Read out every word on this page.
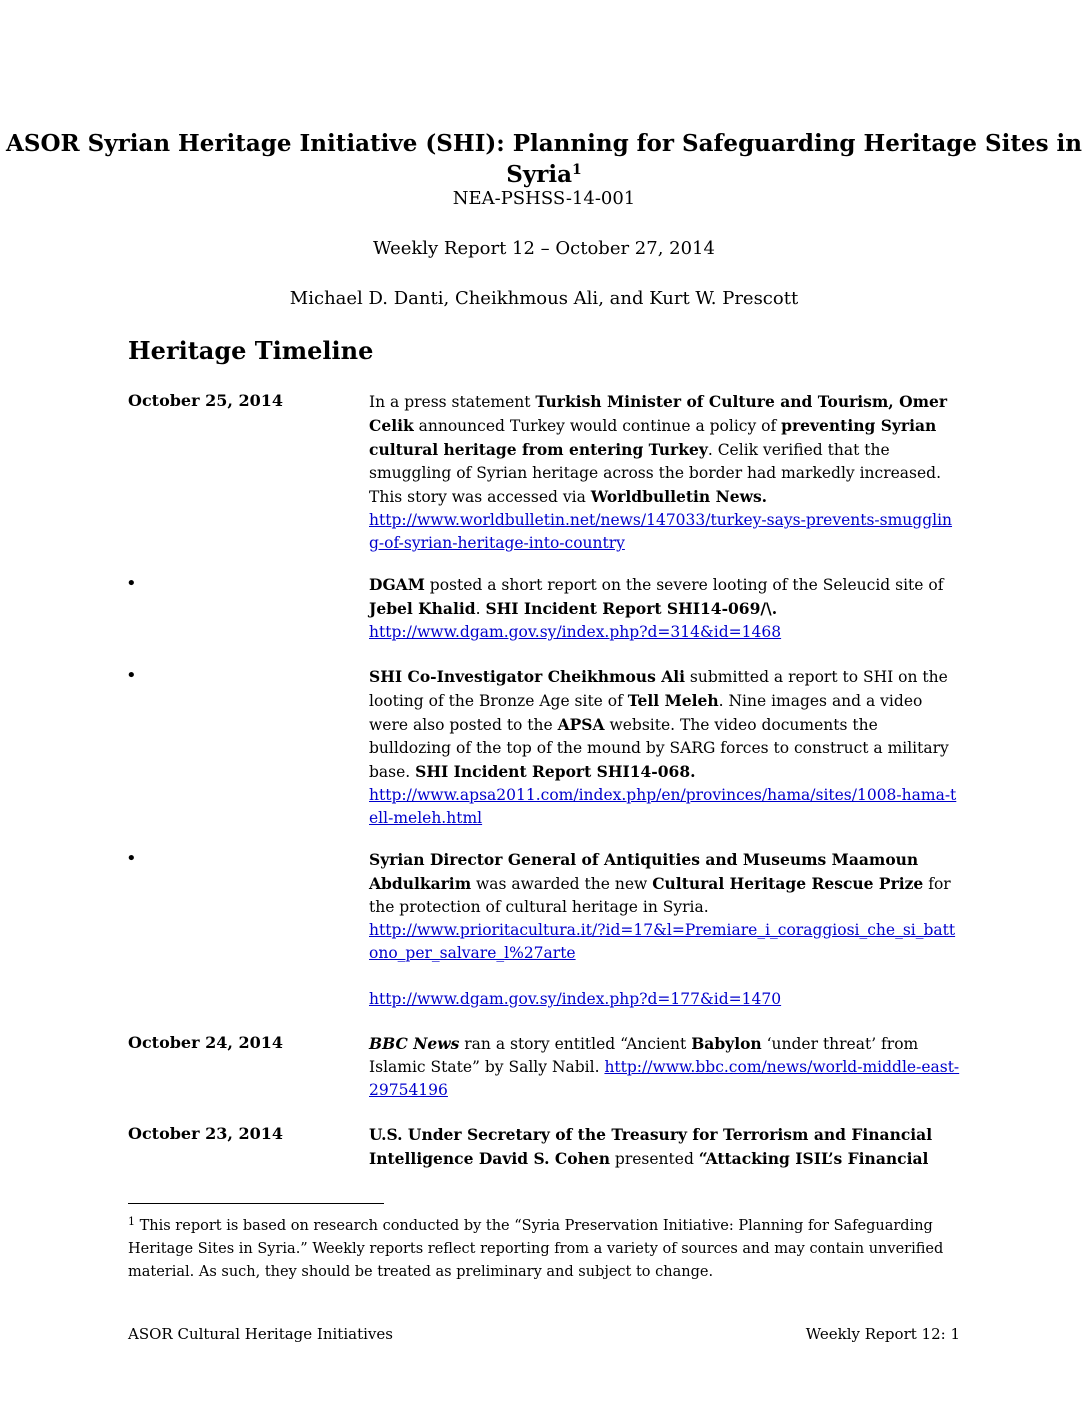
ASOR Syrian Heritage Initiative (SHI): Planning for Safeguarding Heritage Sites in Syria$^1$
NEA-PSHSS-14-001
Weekly Report 12 – October 27, 2014
Michael D. Danti, Cheikhmous Ali, and Kurt W. Prescott
Heritage Timeline
October 25, 2014	In a press statement Turkish Minister of Culture and Tourism, Omer Celik announced Turkey would continue a policy of preventing Syrian cultural heritage from entering Turkey. Celik verified that the smuggling of Syrian heritage across the border had markedly increased. This story was accessed via Worldbulletin News.

http://www.worldbulletin.net/news/147033/turkey-says-prevents-smuggling-of-syrian-heritage-into-country

•	DGAM posted a short report on the severe looting of the Seleucid site of Jebel Khalid. SHI Incident Report SHI14-069/\.

http://www.dgam.gov.sy/index.php?d=314&id=1468

•	SHI Co-Investigator Cheikhmous Ali submitted a report to SHI on the looting of the Bronze Age site of Tell Meleh. Nine images and a video were also posted to the APSA website. The video documents the bulldozing of the top of the mound by SARG forces to construct a military base. SHI Incident Report SHI14-068.

http://www.apsa2011.com/index.php/en/provinces/hama/sites/1008-hama-tell-meleh.html

•	Syrian Director General of Antiquities and Museums Maamoun Abdulkarim was awarded the new Cultural Heritage Rescue Prize for the protection of cultural heritage in Syria.

http://www.prioritacultura.it/?id=17&l=Premiare_i_coraggiosi_che_si_battono_per_salvare_l%27arte

http://www.dgam.gov.sy/index.php?d=177&id=1470

October 24, 2014	BBC News ran a story entitled “Ancient Babylon ‘under threat’ from Islamic State” by Sally Nabil. http://www.bbc.com/news/world-middle-east-29754196

October 23, 2014	U.S. Under Secretary of the Treasury for Terrorism and Financial Intelligence David S. Cohen presented “Attacking ISIL’s Financial

$^1$ This report is based on research conducted by the “Syria Preservation Initiative: Planning for Safeguarding Heritage Sites in Syria.” Weekly reports reflect reporting from a variety of sources and may contain unverified material. As such, they should be treated as preliminary and subject to change.
ASOR Cultural Heritage Initiatives	Weekly Report 12: 1
